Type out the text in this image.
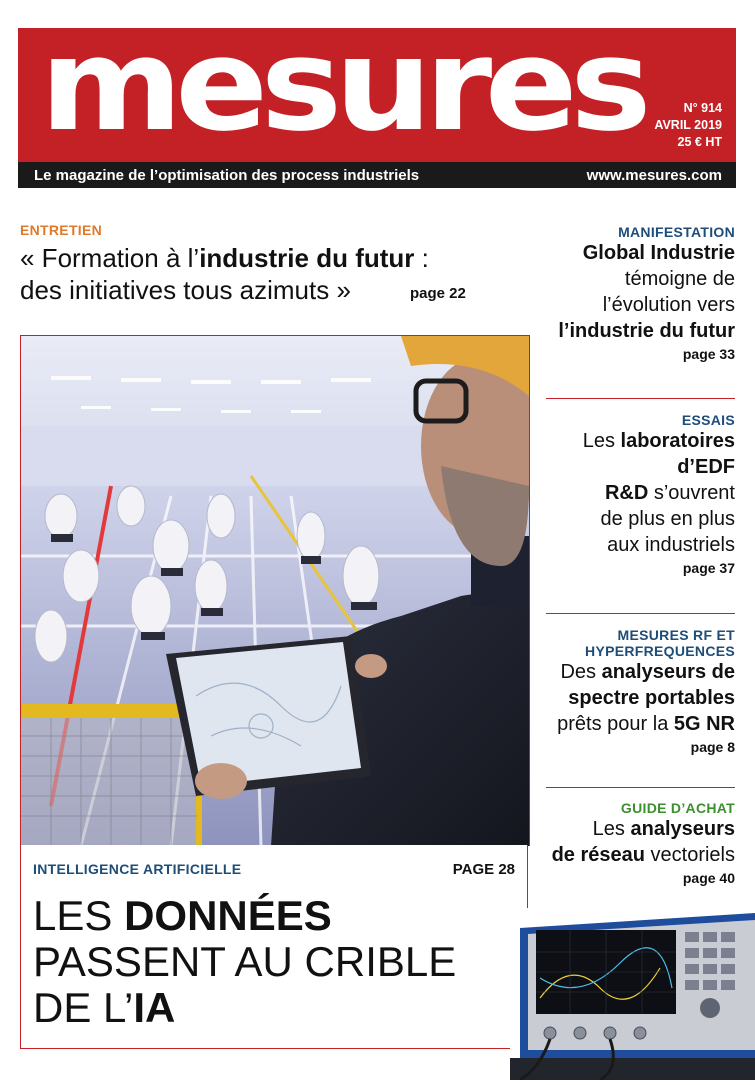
mesures	N° 914
AVRIL 2019
25 € HT
Le magazine de l’optimisation des process industriels	www.mesures.com
ENTRETIEN
« Formation à l’industrie du futur :
des initiatives tous azimuts »	page 22
INTELLIGENCE ARTIFICIELLE	PAGE 28
LES DONNÉES
PASSENT AU CRIBLE
DE L’IA
MANIFESTATION
Global Industrie
témoigne de
l’évolution vers
l’industrie du futur
page 33
ESSAIS
Les laboratoires
d’EDF
R&D s’ouvrent
de plus en plus
aux industriels
page 37
MESURES RF ET
HYPERFREQUENCES
Des analyseurs de
spectre portables
prêts pour la 5G NR
page 8
GUIDE D’ACHAT
Les analyseurs
de réseau vectoriels
page 40
